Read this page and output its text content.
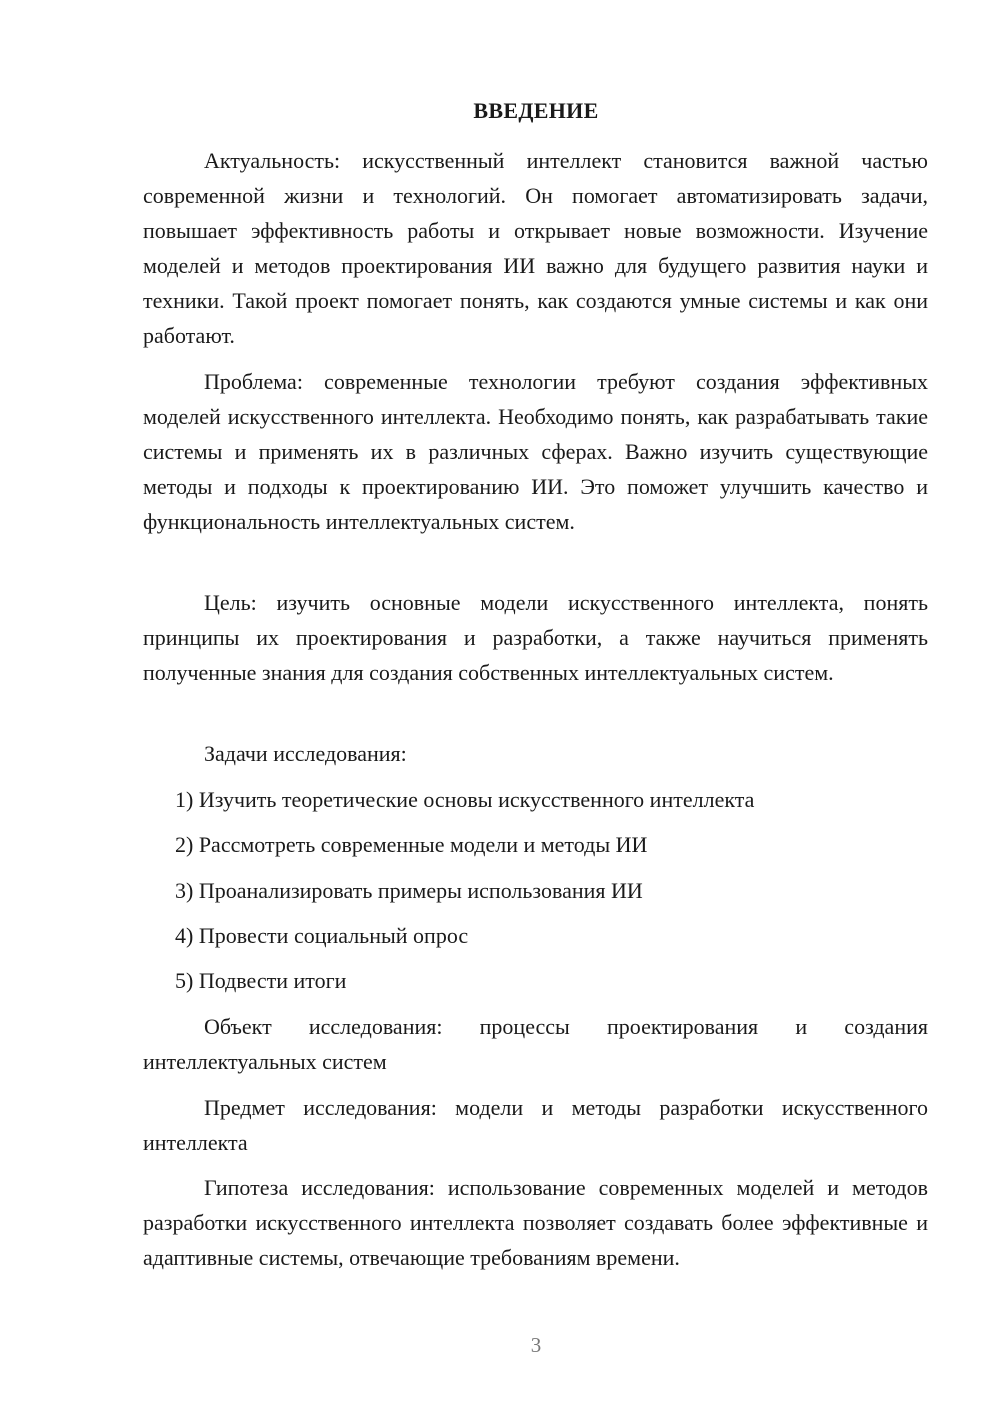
ВВЕДЕНИЕ

Актуальность: искусственный интеллект становится важной частью современной жизни и технологий. Он помогает автоматизировать задачи, повышает эффективность работы и открывает новые возможности. Изучение моделей и методов проектирования ИИ важно для будущего развития науки и техники. Такой проект помогает понять, как создаются умные системы и как они работают.

Проблема: современные технологии требуют создания эффективных моделей искусственного интеллекта. Необходимо понять, как разрабатывать такие системы и применять их в различных сферах. Важно изучить существующие методы и подходы к проектированию ИИ. Это поможет улучшить качество и функциональность интеллектуальных систем.

Цель: изучить основные модели искусственного интеллекта, понять принципы их проектирования и разработки, а также научиться применять полученные знания для создания собственных интеллектуальных систем.

Задачи исследования:
1) Изучить теоретические основы искусственного интеллекта
2) Рассмотреть современные модели и методы ИИ
3) Проанализировать примеры использования ИИ
4) Провести социальный опрос
5) Подвести итоги

Объект исследования: процессы проектирования и создания интеллектуальных систем

Предмет исследования: модели и методы разработки искусственного интеллекта

Гипотеза исследования: использование современных моделей и методов разработки искусственного интеллекта позволяет создавать более эффективные и адаптивные системы, отвечающие требованиям времени.

3
